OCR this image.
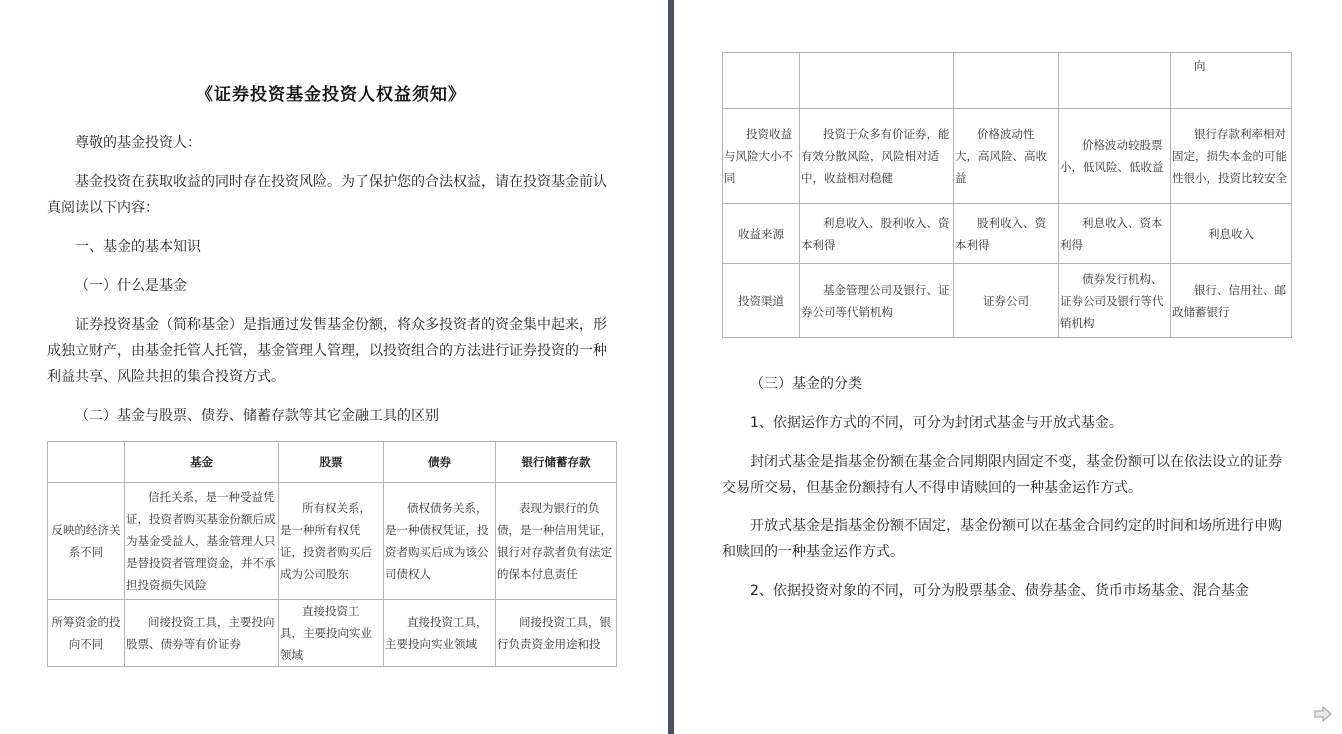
《证券投资基金投资人权益须知》

尊敬的基金投资人：

基金投资在获取收益的同时存在投资风险。为了保护您的合法权益，请在投资基金前认真阅读以下内容：

一、基金的基本知识

（一）什么是基金

证券投资基金（简称基金）是指通过发售基金份额，将众多投资者的资金集中起来，形成独立财产，由基金托管人托管，基金管理人管理，以投资组合的方法进行证券投资的一种利益共享、风险共担的集合投资方式。

（二）基金与股票、债券、储蓄存款等其它金融工具的区别

	基金	股票	债券	银行储蓄存款
反映的经济关系不同	信托关系，是一种受益凭证，投资者购买基金份额后成为基金受益人，基金管理人只是替投资者管理资金，并不承担投资损失风险	所有权关系，是一种所有权凭证，投资者购买后成为公司股东	债权债务关系，是一种债权凭证，投资者购买后成为该公司债权人	表现为银行的负债，是一种信用凭证，银行对存款者负有法定的保本付息责任
所筹资金的投向不同	间接投资工具，主要投向股票、债券等有价证券	直接投资工具，主要投向实业领域	直接投资工具，主要投向实业领域	间接投资工具，银行负责资金用途和投
				向
投资收益与风险大小不同	投资于众多有价证券，能有效分散风险，风险相对适中，收益相对稳健	价格波动性大，高风险、高收益	价格波动较股票小，低风险、低收益	银行存款利率相对固定，损失本金的可能性很小，投资比较安全
收益来源	利息收入、股利收入、资本利得	股利收入、资本利得	利息收入、资本利得	利息收入
投资渠道	基金管理公司及银行、证券公司等代销机构	证券公司	债券发行机构、证券公司及银行等代销机构	银行、信用社、邮政储蓄银行

（三）基金的分类

1、依据运作方式的不同，可分为封闭式基金与开放式基金。

封闭式基金是指基金份额在基金合同期限内固定不变，基金份额可以在依法设立的证券交易所交易，但基金份额持有人不得申请赎回的一种基金运作方式。

开放式基金是指基金份额不固定，基金份额可以在基金合同约定的时间和场所进行申购和赎回的一种基金运作方式。

2、依据投资对象的不同，可分为股票基金、债券基金、货币市场基金、混合基金
